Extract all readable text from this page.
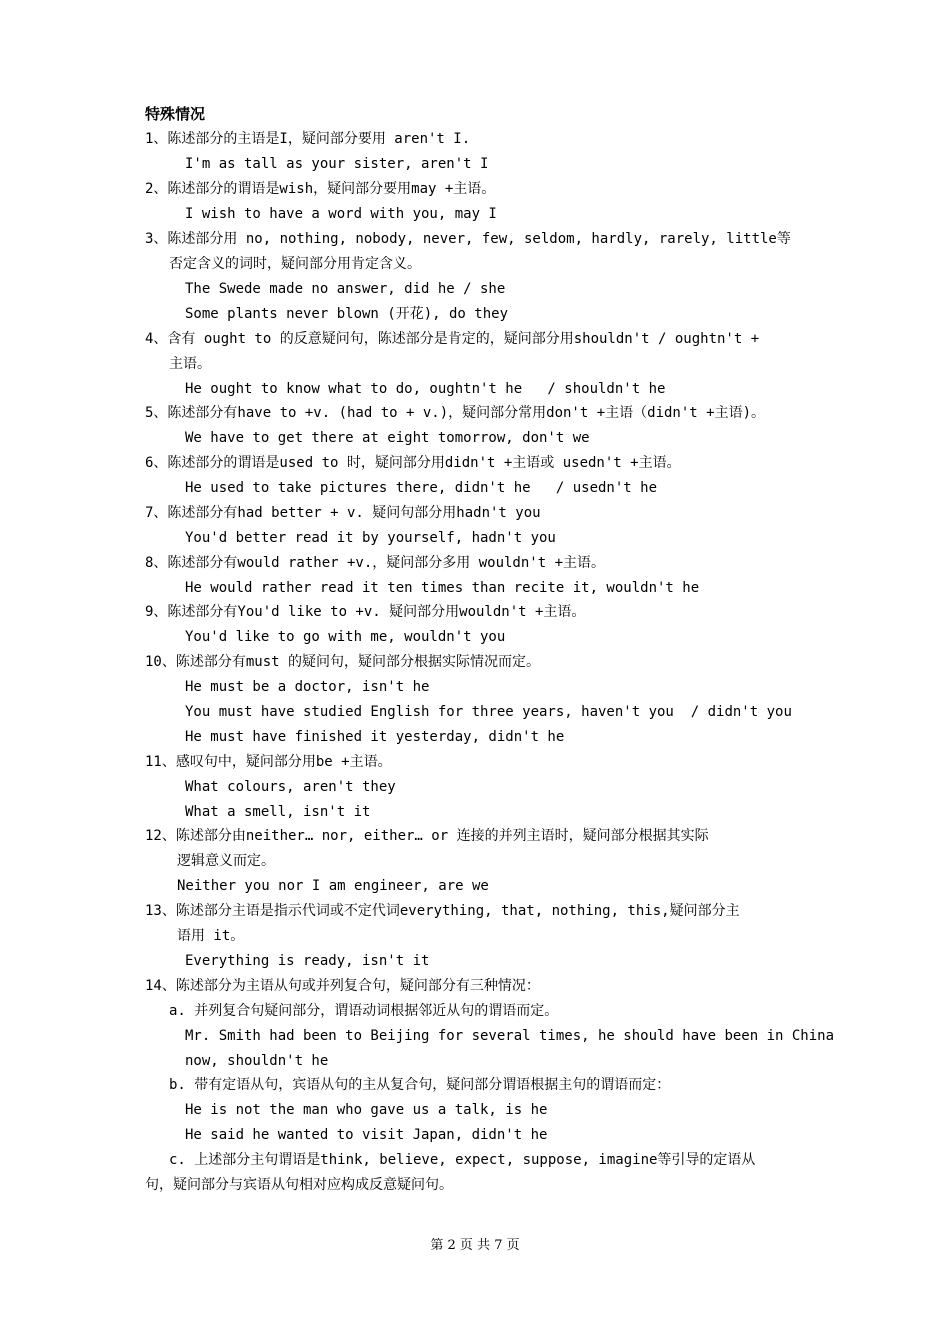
特殊情况
1、陈述部分的主语是I，疑问部分要用 aren't I.
I'm as tall as your sister, aren't I
2、陈述部分的谓语是wish，疑问部分要用may +主语。
I wish to have a word with you, may I
3、陈述部分用 no, nothing, nobody, never, few, seldom, hardly, rarely, little等
否定含义的词时，疑问部分用肯定含义。
The Swede made no answer, did he / she
Some plants never blown (开花), do they
4、含有 ought to 的反意疑问句，陈述部分是肯定的，疑问部分用shouldn't / oughtn't +
主语。
He ought to know what to do, oughtn't he   / shouldn't he
5、陈述部分有have to +v. (had to + v.)，疑问部分常用don't +主语（didn't +主语)。
We have to get there at eight tomorrow, don't we
6、陈述部分的谓语是used to 时，疑问部分用didn't +主语或 usedn't +主语。
He used to take pictures there, didn't he   / usedn't he
7、陈述部分有had better + v. 疑问句部分用hadn't you
You'd better read it by yourself, hadn't you
8、陈述部分有would rather +v.，疑问部分多用 wouldn't +主语。
He would rather read it ten times than recite it, wouldn't he
9、陈述部分有You'd like to +v. 疑问部分用wouldn't +主语。
You'd like to go with me, wouldn't you
10、陈述部分有must 的疑问句，疑问部分根据实际情况而定。
He must be a doctor, isn't he
You must have studied English for three years, haven't you  / didn't you
He must have finished it yesterday, didn't he
11、感叹句中，疑问部分用be +主语。
What colours, aren't they
What a smell, isn't it
12、陈述部分由neither… nor, either… or 连接的并列主语时，疑问部分根据其实际
逻辑意义而定。
Neither you nor I am engineer, are we
13、陈述部分主语是指示代词或不定代词everything, that, nothing, this,疑问部分主
语用 it。
Everything is ready, isn't it
14、陈述部分为主语从句或并列复合句，疑问部分有三种情况：
a. 并列复合句疑问部分，谓语动词根据邻近从句的谓语而定。
Mr. Smith had been to Beijing for several times, he should have been in China
now, shouldn't he
b. 带有定语从句，宾语从句的主从复合句，疑问部分谓语根据主句的谓语而定：
He is not the man who gave us a talk, is he
He said he wanted to visit Japan, didn't he
c. 上述部分主句谓语是think, believe, expect, suppose, imagine等引导的定语从
句，疑问部分与宾语从句相对应构成反意疑问句。
第 2 页 共 7 页
